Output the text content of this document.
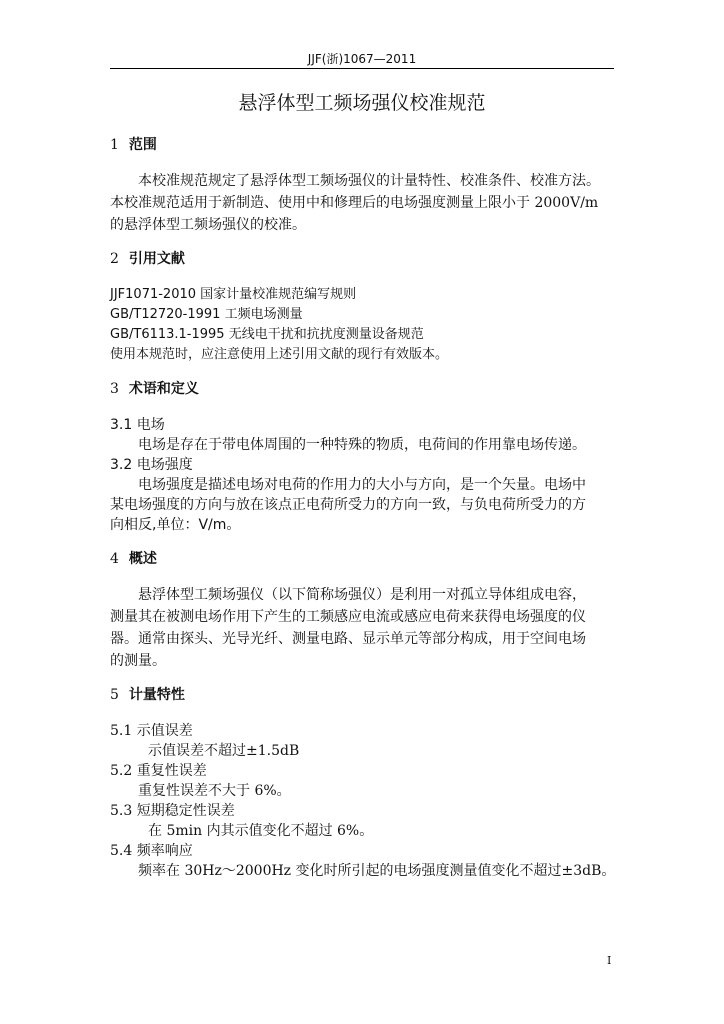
JJF(浙)1067—2011
悬浮体型工频场强仪校准规范
1 范围
本校准规范规定了悬浮体型工频场强仪的计量特性、校准条件、校准方法。
本校准规范适用于新制造、使用中和修理后的电场强度测量上限小于 2000V/m
的悬浮体型工频场强仪的校准。
2 引用文献
JJF1071-2010 国家计量校准规范编写规则
GB/T12720-1991 工频电场测量
GB/T6113.1-1995 无线电干扰和抗扰度测量设备规范
使用本规范时，应注意使用上述引用文献的现行有效版本。
3 术语和定义
3.1 电场
电场是存在于带电体周围的一种特殊的物质，电荷间的作用靠电场传递。
3.2 电场强度
电场强度是描述电场对电荷的作用力的大小与方向，是一个矢量。电场中
某电场强度的方向与放在该点正电荷所受力的方向一致，与负电荷所受力的方
向相反,单位：V/m。
4 概述
悬浮体型工频场强仪（以下简称场强仪）是利用一对孤立导体组成电容，
测量其在被测电场作用下产生的工频感应电流或感应电荷来获得电场强度的仪
器。通常由探头、光导光纤、测量电路、显示单元等部分构成，用于空间电场
的测量。
5 计量特性
5.1 示值误差
示值误差不超过±1.5dB
5.2 重复性误差
重复性误差不大于 6%。
5.3 短期稳定性误差
在 5min 内其示值变化不超过 6%。
5.4 频率响应
频率在 30Hz～2000Hz 变化时所引起的电场强度测量值变化不超过±3dB。
I
